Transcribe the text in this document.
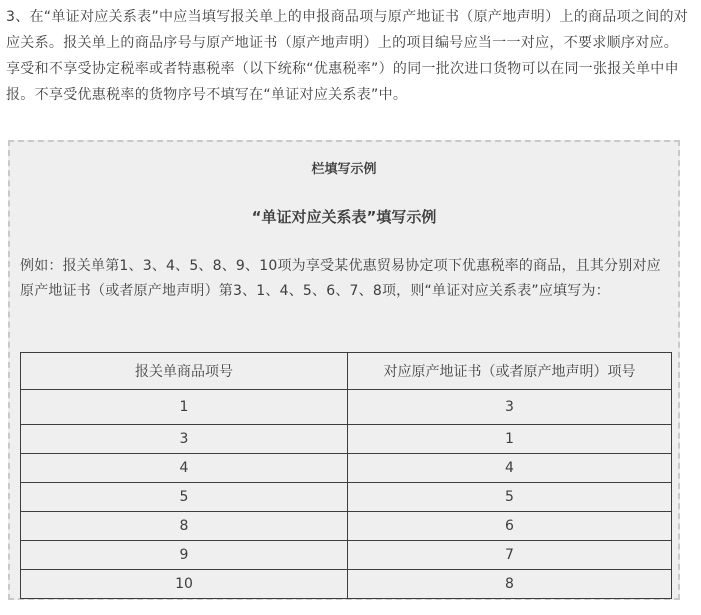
3、在“单证对应关系表”中应当填写报关单上的申报商品项与原产地证书（原产地声明）上的商品项之间的对应关系。报关单上的商品序号与原产地证书（原产地声明）上的项目编号应当一一对应，不要求顺序对应。享受和不享受协定税率或者特惠税率（以下统称“优惠税率”）的同一批次进口货物可以在同一张报关单中申报。不享受优惠税率的货物序号不填写在“单证对应关系表”中。

栏填写示例

“单证对应关系表”填写示例

例如：报关单第1、3、4、5、8、9、10项为享受某优惠贸易协定项下优惠税率的商品，且其分别对应原产地证书（或者原产地声明）第3、1、4、5、6、7、8项，则“单证对应关系表”应填写为：

报关单商品项号	对应原产地证书（或者原产地声明）项号
1	3
3	1
4	4
5	5
8	6
9	7
10	8
